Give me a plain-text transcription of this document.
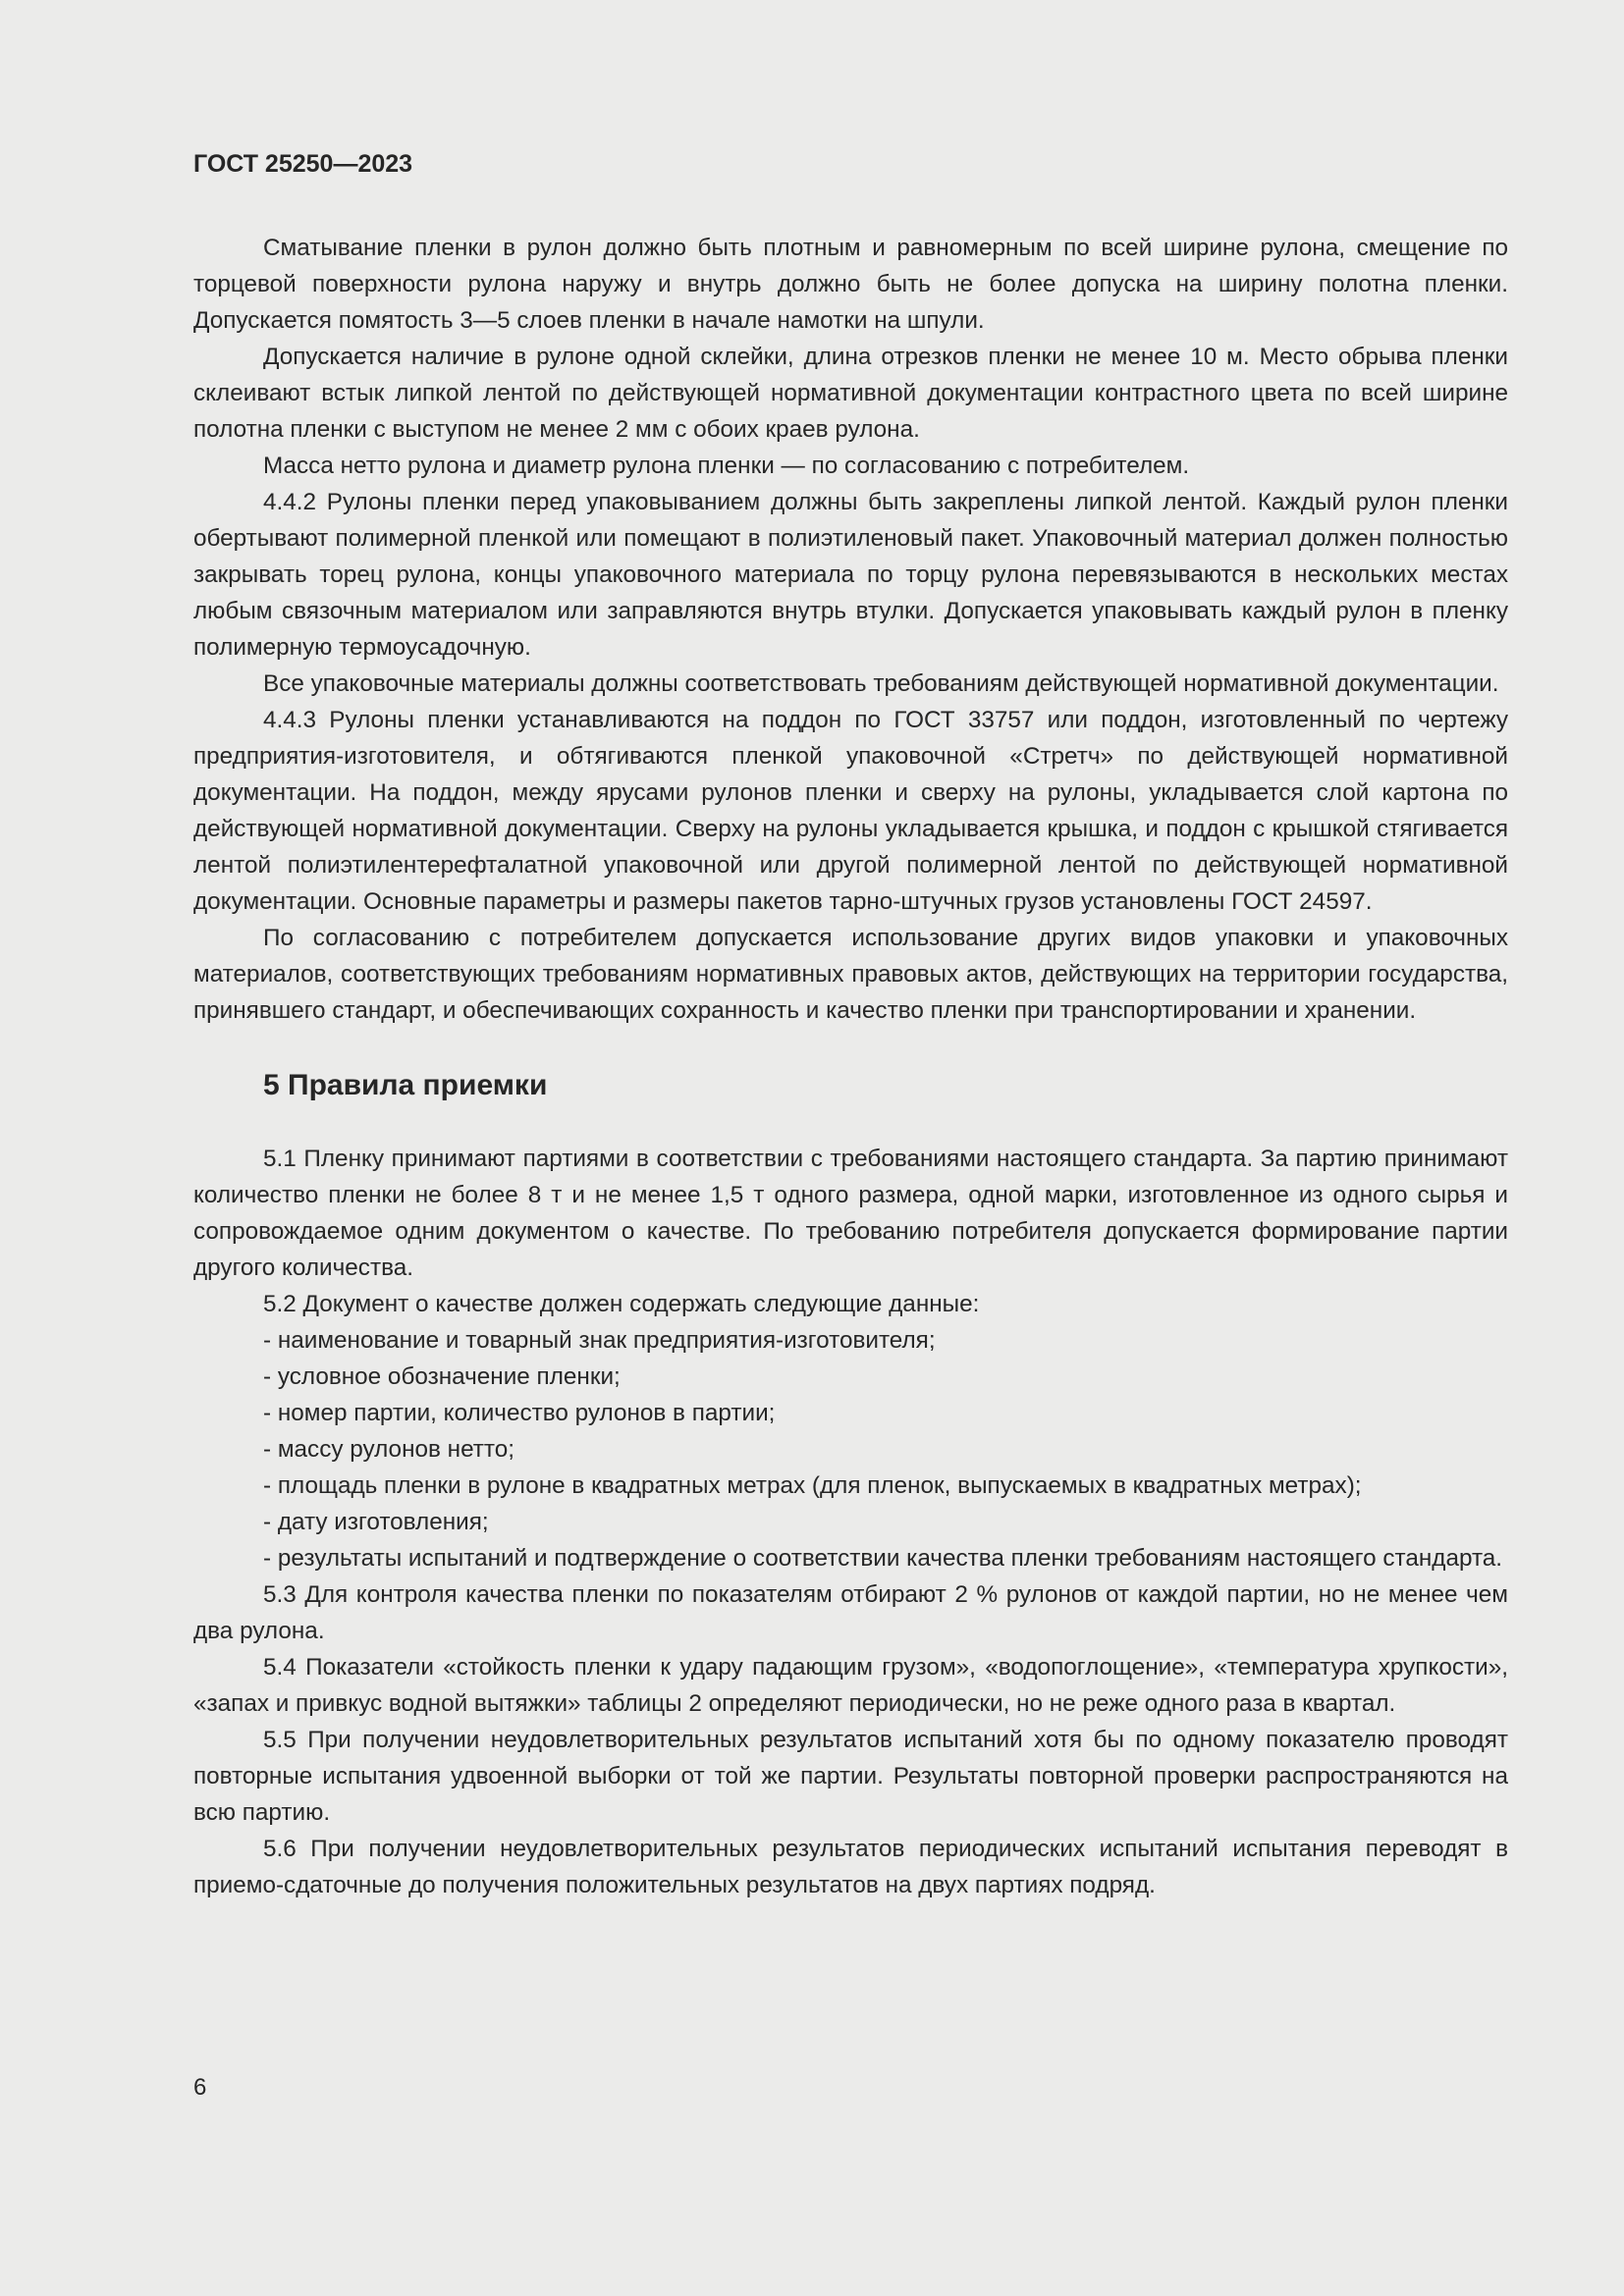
ГОСТ 25250—2023

Сматывание пленки в рулон должно быть плотным и равномерным по всей ширине рулона, смещение по торцевой поверхности рулона наружу и внутрь должно быть не более допуска на ширину полотна пленки. Допускается помятость 3—5 слоев пленки в начале намотки на шпули.

Допускается наличие в рулоне одной склейки, длина отрезков пленки не менее 10 м. Место обрыва пленки склеивают встык липкой лентой по действующей нормативной документации контрастного цвета по всей ширине полотна пленки с выступом не менее 2 мм с обоих краев рулона.

Масса нетто рулона и диаметр рулона пленки — по согласованию с потребителем.

4.4.2 Рулоны пленки перед упаковыванием должны быть закреплены липкой лентой. Каждый рулон пленки обертывают полимерной пленкой или помещают в полиэтиленовый пакет. Упаковочный материал должен полностью закрывать торец рулона, концы упаковочного материала по торцу рулона перевязываются в нескольких местах любым связочным материалом или заправляются внутрь втулки. Допускается упаковывать каждый рулон в пленку полимерную термоусадочную.

Все упаковочные материалы должны соответствовать требованиям действующей нормативной документации.

4.4.3 Рулоны пленки устанавливаются на поддон по ГОСТ 33757 или поддон, изготовленный по чертежу предприятия-изготовителя, и обтягиваются пленкой упаковочной «Стретч» по действующей нормативной документации. На поддон, между ярусами рулонов пленки и сверху на рулоны, укладывается слой картона по действующей нормативной документации. Сверху на рулоны укладывается крышка, и поддон с крышкой стягивается лентой полиэтилентерефталатной упаковочной или другой полимерной лентой по действующей нормативной документации. Основные параметры и размеры пакетов тарно-штучных грузов установлены ГОСТ 24597.

По согласованию с потребителем допускается использование других видов упаковки и упаковочных материалов, соответствующих требованиям нормативных правовых актов, действующих на территории государства, принявшего стандарт, и обеспечивающих сохранность и качество пленки при транспортировании и хранении.

5 Правила приемки

5.1 Пленку принимают партиями в соответствии с требованиями настоящего стандарта. За партию принимают количество пленки не более 8 т и не менее 1,5 т одного размера, одной марки, изготовленное из одного сырья и сопровождаемое одним документом о качестве. По требованию потребителя допускается формирование партии другого количества.

5.2 Документ о качестве должен содержать следующие данные:

- наименование и товарный знак предприятия-изготовителя;

- условное обозначение пленки;

- номер партии, количество рулонов в партии;

- массу рулонов нетто;

- площадь пленки в рулоне в квадратных метрах (для пленок, выпускаемых в квадратных метрах);

- дату изготовления;

- результаты испытаний и подтверждение о соответствии качества пленки требованиям настоящего стандарта.

5.3 Для контроля качества пленки по показателям отбирают 2 % рулонов от каждой партии, но не менее чем два рулона.

5.4 Показатели «стойкость пленки к удару падающим грузом», «водопоглощение», «температура хрупкости», «запах и привкус водной вытяжки» таблицы 2 определяют периодически, но не реже одного раза в квартал.

5.5 При получении неудовлетворительных результатов испытаний хотя бы по одному показателю проводят повторные испытания удвоенной выборки от той же партии. Результаты повторной проверки распространяются на всю партию.

5.6 При получении неудовлетворительных результатов периодических испытаний испытания переводят в приемо-сдаточные до получения положительных результатов на двух партиях подряд.

6
